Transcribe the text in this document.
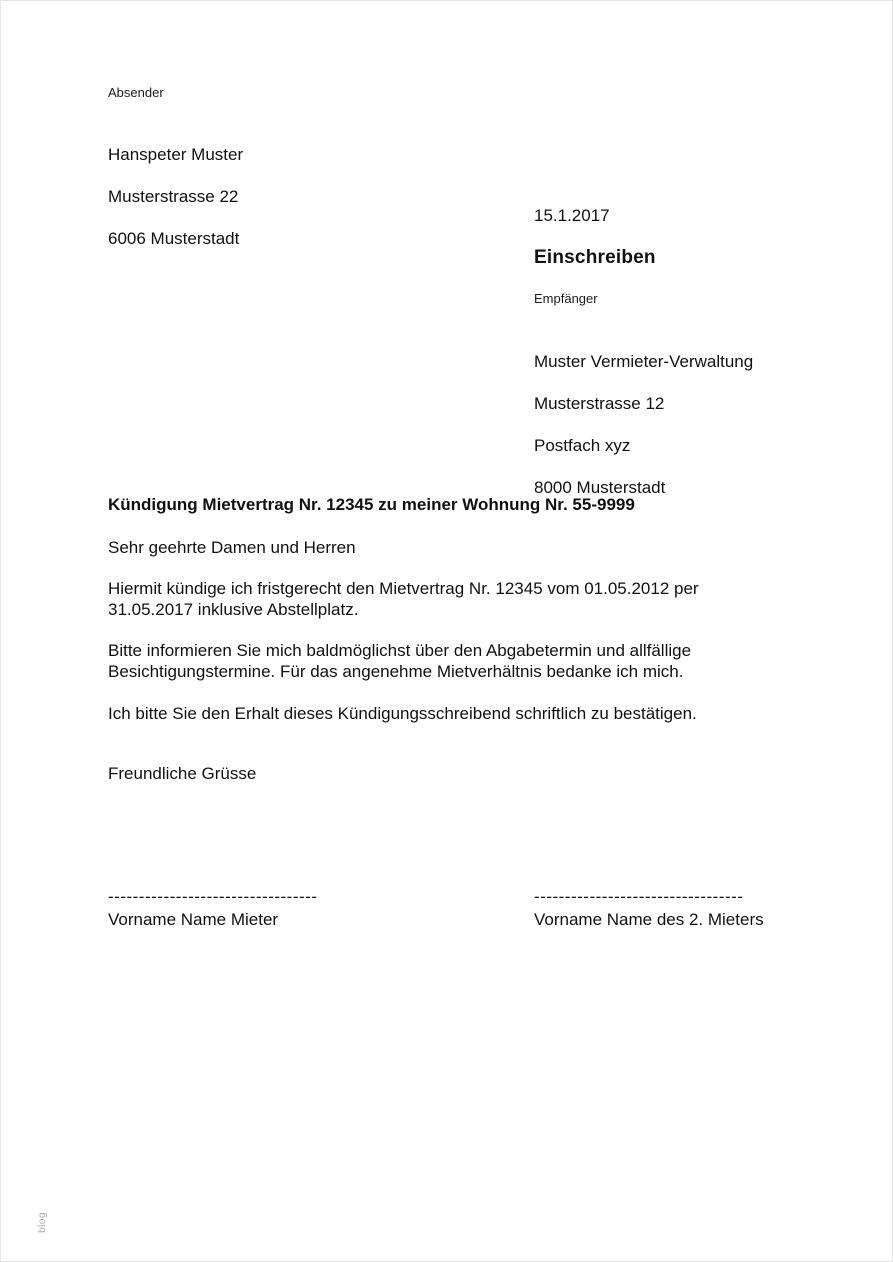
Absender

Hanspeter Muster

Musterstrasse 22

6006 Musterstadt

15.1.2017
Einschreiben
Empfänger

Muster Vermieter-Verwaltung

Musterstrasse 12

Postfach xyz

8000 Musterstadt

Kündigung Mietvertrag Nr. 12345 zu meiner Wohnung Nr. 55-9999
Sehr geehrte Damen und Herren
Hiermit kündige ich fristgerecht den Mietvertrag Nr. 12345 vom 01.05.2012 per 31.05.2017 inklusive Abstellplatz.
Bitte informieren Sie mich baldmöglichst über den Abgabetermin und allfällige Besichtigungstermine. Für das angenehme Mietverhältnis bedanke ich mich.
Ich bitte Sie den Erhalt dieses Kündigungsschreibend schriftlich zu bestätigen.
Freundliche Grüsse
----------------------------------
Vorname Name Mieter
----------------------------------
Vorname Name des 2. Mieters
blog
